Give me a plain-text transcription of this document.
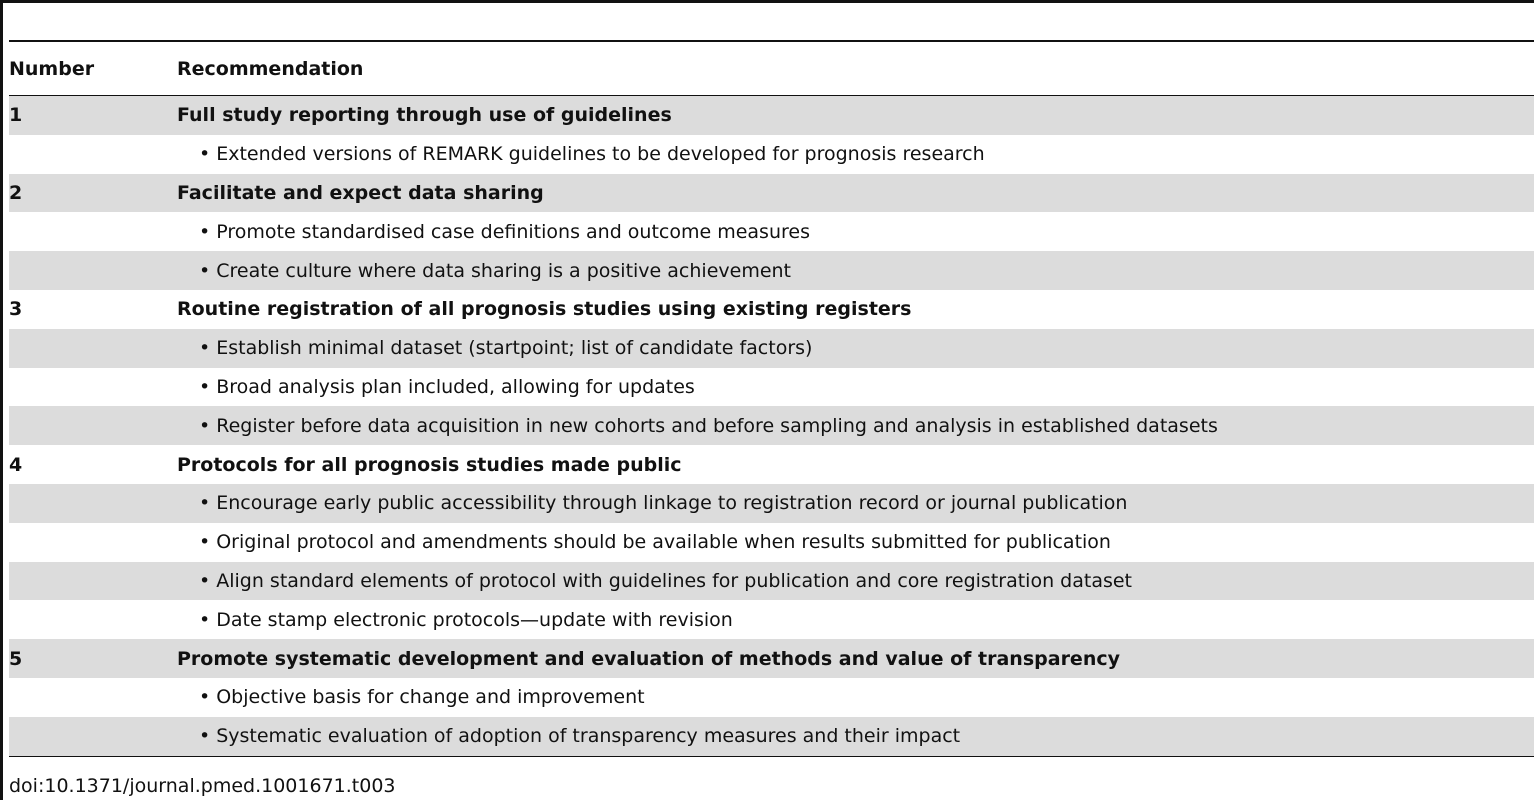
Number	Recommendation
1	Full study reporting through use of guidelines
	• Extended versions of REMARK guidelines to be developed for prognosis research
2	Facilitate and expect data sharing
	• Promote standardised case definitions and outcome measures
	• Create culture where data sharing is a positive achievement
3	Routine registration of all prognosis studies using existing registers
	• Establish minimal dataset (startpoint; list of candidate factors)
	• Broad analysis plan included, allowing for updates
	• Register before data acquisition in new cohorts and before sampling and analysis in established datasets
4	Protocols for all prognosis studies made public
	• Encourage early public accessibility through linkage to registration record or journal publication
	• Original protocol and amendments should be available when results submitted for publication
	• Align standard elements of protocol with guidelines for publication and core registration dataset
	• Date stamp electronic protocols—update with revision
5	Promote systematic development and evaluation of methods and value of transparency
	• Objective basis for change and improvement
	• Systematic evaluation of adoption of transparency measures and their impact
doi:10.1371/journal.pmed.1001671.t003
